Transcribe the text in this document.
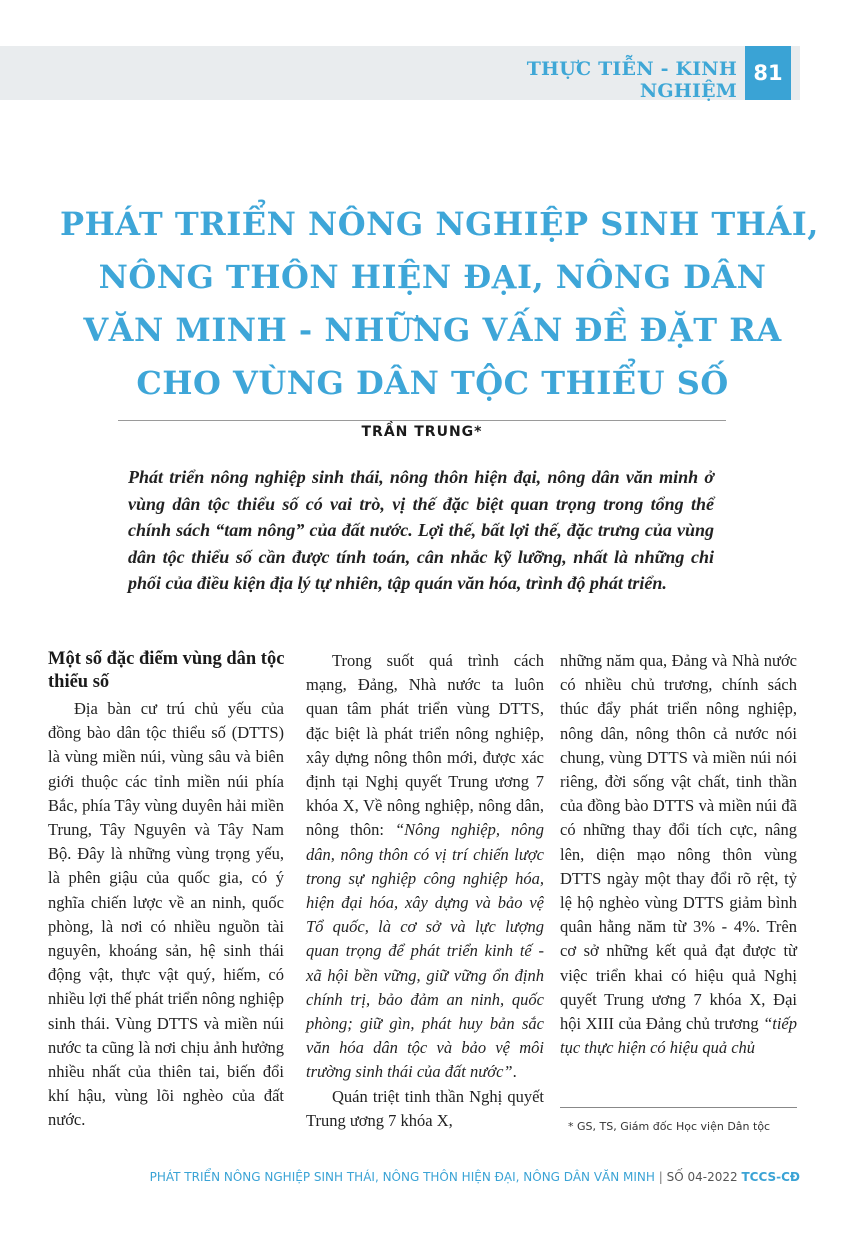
THỰC TIỄN - KINH NGHIỆM
81
PHÁT TRIỂN NÔNG NGHIỆP SINH THÁI,
NÔNG THÔN HIỆN ĐẠI, NÔNG DÂN
VĂN MINH - NHỮNG VẤN ĐỀ ĐẶT RA
CHO VÙNG DÂN TỘC THIỂU SỐ
TRẦN TRUNG*

Phát triển nông nghiệp sinh thái, nông thôn hiện đại, nông dân văn minh ở vùng dân tộc thiểu số có vai trò, vị thế đặc biệt quan trọng trong tổng thể chính sách “tam nông” của đất nước. Lợi thế, bất lợi thế, đặc trưng của vùng dân tộc thiểu số cần được tính toán, cân nhắc kỹ lưỡng, nhất là những chi phối của điều kiện địa lý tự nhiên, tập quán văn hóa, trình độ phát triển.

Một số đặc điểm vùng dân tộc thiểu số

Địa bàn cư trú chủ yếu của đồng bào dân tộc thiểu số (DTTS) là vùng miền núi, vùng sâu và biên giới thuộc các tỉnh miền núi phía Bắc, phía Tây vùng duyên hải miền Trung, Tây Nguyên và Tây Nam Bộ. Đây là những vùng trọng yếu, là phên giậu của quốc gia, có ý nghĩa chiến lược về an ninh, quốc phòng, là nơi có nhiều nguồn tài nguyên, khoáng sản, hệ sinh thái động vật, thực vật quý, hiếm, có nhiều lợi thế phát triển nông nghiệp sinh thái. Vùng DTTS và miền núi nước ta cũng là nơi chịu ảnh hưởng nhiều nhất của thiên tai, biến đổi khí hậu, vùng lõi nghèo của đất nước.

Trong suốt quá trình cách mạng, Đảng, Nhà nước ta luôn quan tâm phát triển vùng DTTS, đặc biệt là phát triển nông nghiệp, xây dựng nông thôn mới, được xác định tại Nghị quyết Trung ương 7 khóa X, Về nông nghiệp, nông dân, nông thôn: “Nông nghiệp, nông dân, nông thôn có vị trí chiến lược trong sự nghiệp công nghiệp hóa, hiện đại hóa, xây dựng và bảo vệ Tổ quốc, là cơ sở và lực lượng quan trọng để phát triển kinh tế - xã hội bền vững, giữ vững ổn định chính trị, bảo đảm an ninh, quốc phòng; giữ gìn, phát huy bản sắc văn hóa dân tộc và bảo vệ môi trường sinh thái của đất nước”.

Quán triệt tinh thần Nghị quyết Trung ương 7 khóa X,

những năm qua, Đảng và Nhà nước có nhiều chủ trương, chính sách thúc đẩy phát triển nông nghiệp, nông dân, nông thôn cả nước nói chung, vùng DTTS và miền núi nói riêng, đời sống vật chất, tinh thần của đồng bào DTTS và miền núi đã có những thay đổi tích cực, nâng lên, diện mạo nông thôn vùng DTTS ngày một thay đổi rõ rệt, tỷ lệ hộ nghèo vùng DTTS giảm bình quân hằng năm từ 3% - 4%. Trên cơ sở những kết quả đạt được từ việc triển khai có hiệu quả Nghị quyết Trung ương 7 khóa X, Đại hội XIII của Đảng chủ trương “tiếp tục thực hiện có hiệu quả chủ

* GS, TS, Giám đốc Học viện Dân tộc
PHÁT TRIỂN NÔNG NGHIỆP SINH THÁI, NÔNG THÔN HIỆN ĐẠI, NÔNG DÂN VĂN MINH | SỐ 04-2022 TCCS-CĐ
